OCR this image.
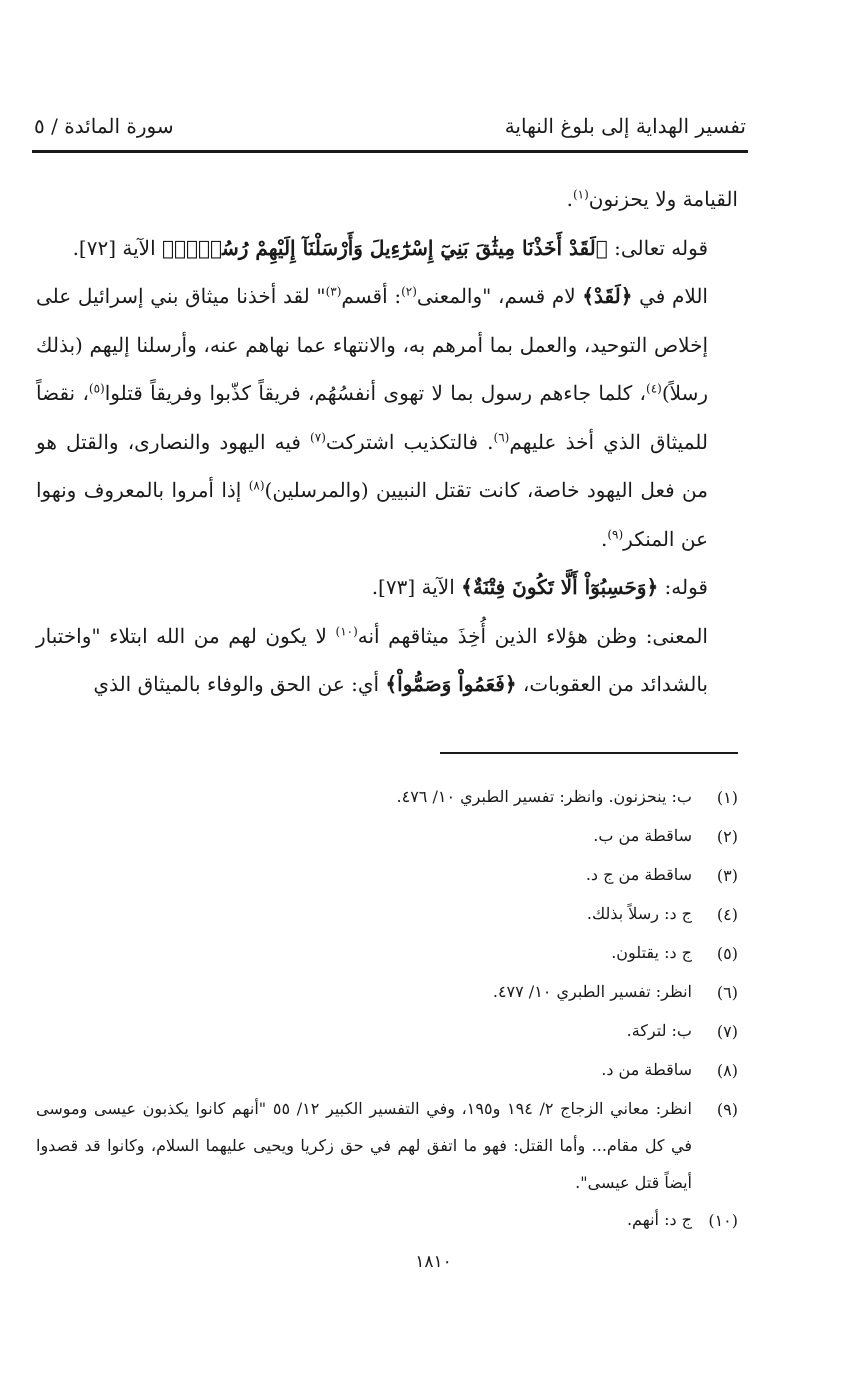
تفسير الهداية إلى بلوغ النهاية
سورة المائدة / ٥

القيامة ولا يحزنون$^{(١)}$.

قوله تعالى: ﴿لَقَدْ أَخَذْنَا مِيثَٰقَ بَنِيٓ إِسْرَٰٓءِيلَ وَأَرْسَلْنَآ إِلَيْهِمْ رُسُلًاۖ﴾ الآية [٧٢].

اللام في ﴿لَقَدْ﴾ لام قسم، "والمعنى$^{(٢)}$: أقسم$^{(٣)}$" لقد أخذنا ميثاق بني إسرائيل على إخلاص التوحيد، والعمل بما أمرهم به، والانتهاء عما نهاهم عنه، وأرسلنا إليهم (بذلك رسلاً)$^{(٤)}$، كلما جاءهم رسول بما لا تهوى أنفسُهُم، فريقاً كذّبوا وفريقاً قتلوا$^{(٥)}$، نقضاً للميثاق الذي أخذ عليهم$^{(٦)}$. فالتكذيب اشتركت$^{(٧)}$ فيه اليهود والنصارى، والقتل هو من فعل اليهود خاصة، كانت تقتل النبيين (والمرسلين)$^{(٨)}$ إذا أمروا بالمعروف ونهوا عن المنكر$^{(٩)}$.

قوله: ﴿وَحَسِبُوٓاْ أَلَّا تَكُونَ فِتْنَةٌ﴾ الآية [٧٣].

المعنى: وظن هؤلاء الذين أُخِذَ ميثاقهم أنه$^{(١٠)}$ لا يكون لهم من الله ابتلاء "واختبار بالشدائد من العقوبات، ﴿فَعَمُواْ وَصَمُّواْ﴾ أي: عن الحق والوفاء بالميثاق الذي

(١)
ب: ينحزنون. وانظر: تفسير الطبري ١٠/ ٤٧٦.
(٢)
ساقطة من ب.
(٣)
ساقطة من ج د.
(٤)
ج د: رسلاً بذلك.
(٥)
ج د: يقتلون.
(٦)
انظر: تفسير الطبري ١٠/ ٤٧٧.
(٧)
ب: لتركة.
(٨)
ساقطة من د.
(٩)
انظر: معاني الزجاج ٢/ ١٩٤ و١٩٥، وفي التفسير الكبير ١٢/ ٥٥ "أنهم كانوا يكذبون عيسى وموسى في كل مقام... وأما القتل: فهو ما اتفق لهم في حق زكريا ويحيى عليهما السلام، وكانوا قد قصدوا أيضاً قتل عيسى".
(١٠)
ج د: أنهم.
١٨١٠
